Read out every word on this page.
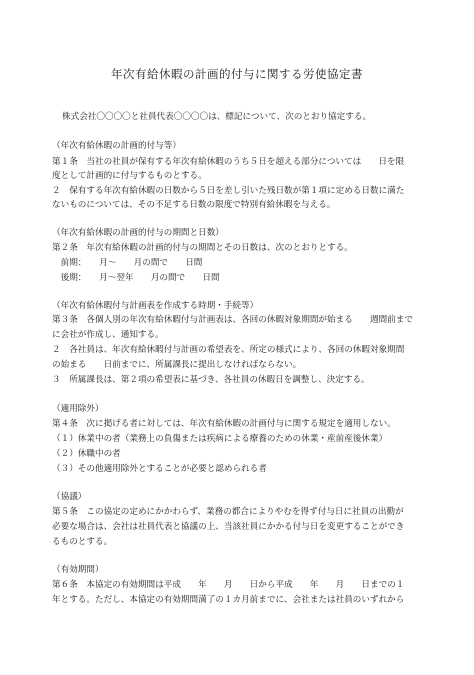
年次有給休暇の計画的付与に関する労使協定書
株式会社〇〇〇〇と社員代表〇〇〇〇は、標記について、次のとおり協定する。
（年次有給休暇の計画的付与等）
第１条　当社の社員が保有する年次有給休暇のうち５日を超える部分については　　日を限
度として計画的に付与するものとする。
２　保有する年次有給休暇の日数から５日を差し引いた残日数が第１項に定める日数に満た
ないものについては、その不足する日数の限度で特別有給休暇を与える。
（年次有給休暇の計画的付与の期間と日数）
第２条　年次有給休暇の計画的付与の期間とその日数は、次のとおりとする。
　前期：　　月～　　月の間で　　日間
　後期：　　月～翌年　　月の間で　　日間
（年次有給休暇付与計画表を作成する時期・手続等）
第３条　各個人別の年次有給休暇付与計画表は、各回の休暇対象期間が始まる　　週間前まで
に会社が作成し、通知する。
２　各社員は、年次有給休暇付与計画の希望表を、所定の様式により、各回の休暇対象期間
の始まる　　日前までに、所属課長に提出しなければならない。
３　所属課長は、第２項の希望表に基づき、各社員の休暇日を調整し、決定する。
（適用除外）
第４条　次に掲げる者に対しては、年次有給休暇の計画付与に関する規定を適用しない。
（１）休業中の者（業務上の負傷または疾病による療養のための休業・産前産後休業）
（２）休職中の者
（３）その他適用除外とすることが必要と認められる者
（協議）
第５条　この協定の定めにかかわらず、業務の都合によりやむを得ず付与日に社員の出勤が
必要な場合は、会社は社員代表と協議の上、当該社員にかかる付与日を変更することができ
るものとする。
（有効期間）
第６条　本協定の有効期間は平成　　年　　月　　日から平成　　年　　月　　日までの１
年とする。ただし、本協定の有効期間満了の１カ月前までに、会社または社員のいずれから
